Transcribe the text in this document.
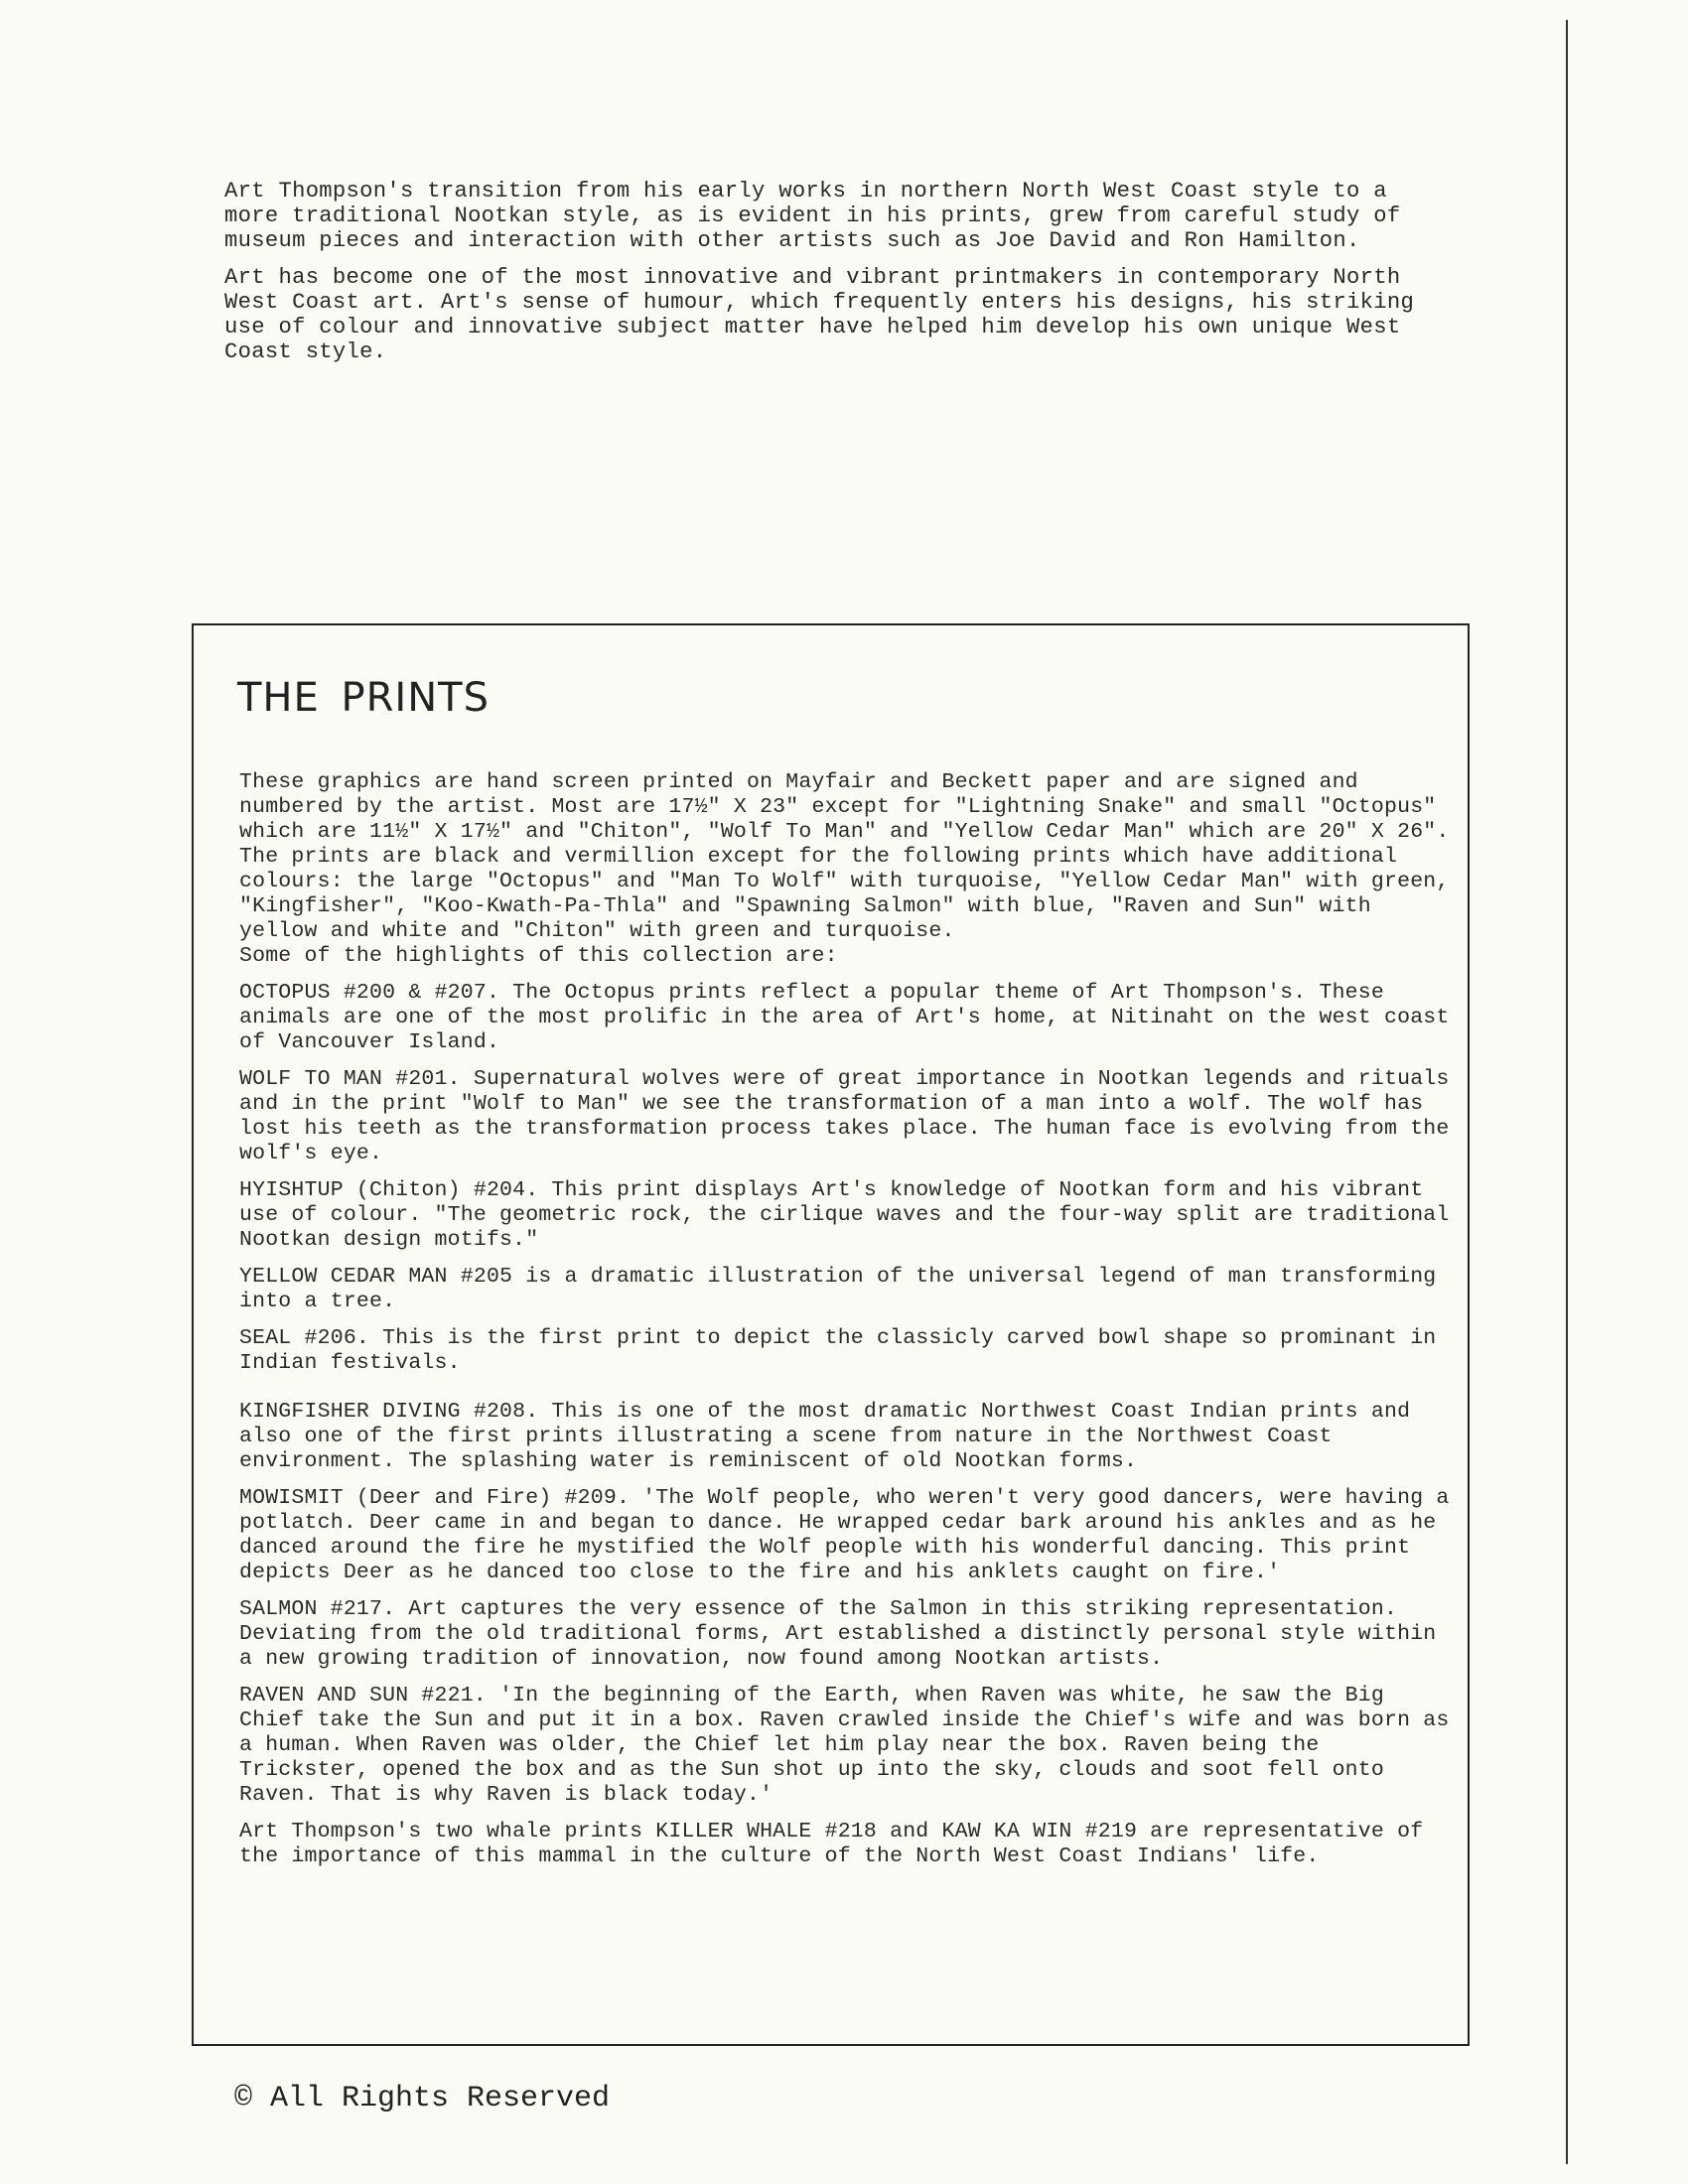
Art Thompson's transition from his early works in northern North West Coast style to a more traditional Nootkan style, as is evident in his prints, grew from careful study of museum pieces and interaction with other artists such as Joe David and Ron Hamilton.

Art has become one of the most innovative and vibrant printmakers in contemporary North West Coast art. Art's sense of humour, which frequently enters his designs, his striking use of colour and innovative subject matter have helped him develop his own unique West Coast style.

THE PRINTS

These graphics are hand screen printed on Mayfair and Beckett paper and are signed and numbered by the artist. Most are 17½" X 23" except for "Lightning Snake" and small "Octopus" which are 11½" X 17½" and "Chiton", "Wolf To Man" and "Yellow Cedar Man" which are 20" X 26". The prints are black and vermillion except for the following prints which have additional colours: the large "Octopus" and "Man To Wolf" with turquoise, "Yellow Cedar Man" with green, "Kingfisher", "Koo-Kwath-Pa-Thla" and "Spawning Salmon" with blue, "Raven and Sun" with yellow and white and "Chiton" with green and turquoise.

Some of the highlights of this collection are:

OCTOPUS #200 & #207. The Octopus prints reflect a popular theme of Art Thompson's. These animals are one of the most prolific in the area of Art's home, at Nitinaht on the west coast of Vancouver Island.

WOLF TO MAN #201. Supernatural wolves were of great importance in Nootkan legends and rituals and in the print "Wolf to Man" we see the transformation of a man into a wolf. The wolf has lost his teeth as the transformation process takes place. The human face is evolving from the wolf's eye.

HYISHTUP (Chiton) #204. This print displays Art's knowledge of Nootkan form and his vibrant use of colour. "The geometric rock, the cirlique waves and the four-way split are traditional Nootkan design motifs."

YELLOW CEDAR MAN #205 is a dramatic illustration of the universal legend of man transforming into a tree.

SEAL #206. This is the first print to depict the classicly carved bowl shape so prominant in Indian festivals.

KINGFISHER DIVING #208. This is one of the most dramatic Northwest Coast Indian prints and also one of the first prints illustrating a scene from nature in the Northwest Coast environment. The splashing water is reminiscent of old Nootkan forms.

MOWISMIT (Deer and Fire) #209. 'The Wolf people, who weren't very good dancers, were having a potlatch. Deer came in and began to dance. He wrapped cedar bark around his ankles and as he danced around the fire he mystified the Wolf people with his wonderful dancing. This print depicts Deer as he danced too close to the fire and his anklets caught on fire.'

SALMON #217. Art captures the very essence of the Salmon in this striking representation. Deviating from the old traditional forms, Art established a distinctly personal style within a new growing tradition of innovation, now found among Nootkan artists.

RAVEN AND SUN #221. 'In the beginning of the Earth, when Raven was white, he saw the Big Chief take the Sun and put it in a box. Raven crawled inside the Chief's wife and was born as a human. When Raven was older, the Chief let him play near the box. Raven being the Trickster, opened the box and as the Sun shot up into the sky, clouds and soot fell onto Raven. That is why Raven is black today.'

Art Thompson's two whale prints KILLER WHALE #218 and KAW KA WIN #219 are representative of the importance of this mammal in the culture of the North West Coast Indians' life.

© All Rights Reserved
